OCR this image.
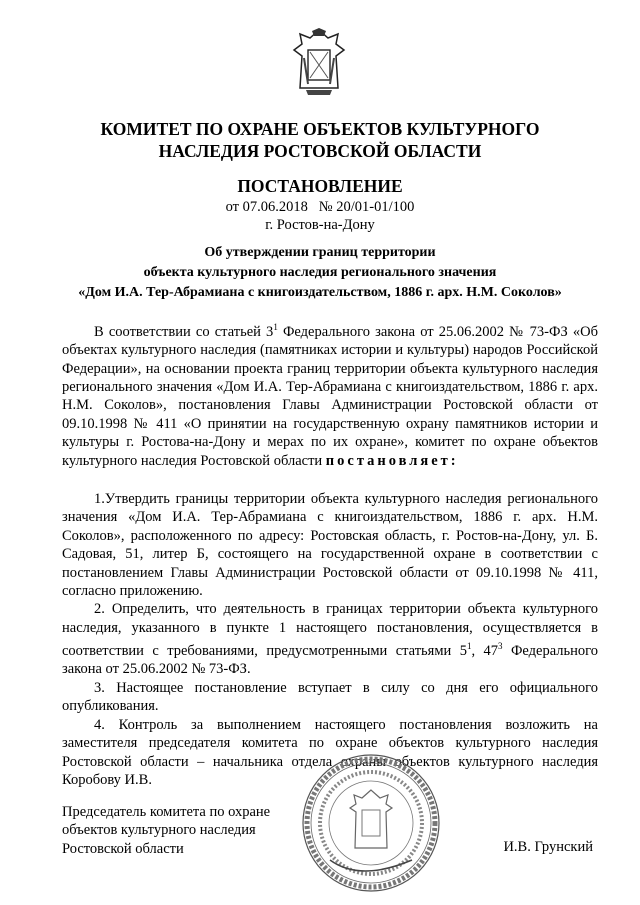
КОМИТЕТ ПО ОХРАНЕ ОБЪЕКТОВ КУЛЬТУРНОГО
НАСЛЕДИЯ РОСТОВСКОЙ ОБЛАСТИ
ПОСТАНОВЛЕНИЕ
от 07.06.2018   № 20/01-01/100
г. Ростов-на-Дону
Об утверждении границ территории
объекта культурного наследия регионального значения
«Дом И.А. Тер-Абрамиана с книгоиздательством, 1886 г. арх. Н.М. Соколов»

В соответствии со статьей $3^1$ Федерального закона от 25.06.2002 № 73-ФЗ «Об объектах культурного наследия (памятниках истории и культуры) народов Российской Федерации», на основании проекта границ территории объекта культурного наследия регионального значения «Дом И.А. Тер-Абрамиана с книгоиздательством, 1886 г. арх. Н.М. Соколов», постановления Главы Администрации Ростовской области от 09.10.1998 № 411 «О принятии на государственную охрану памятников истории и культуры г. Ростова-на-Дону и мерах по их охране», комитет по охране объектов культурного наследия Ростовской области постановляет:

1.Утвердить границы территории объекта культурного наследия регионального значения «Дом И.А. Тер-Абрамиана с книгоиздательством, 1886 г. арх. Н.М. Соколов», расположенного по адресу: Ростовская область, г. Ростов-на-Дону, ул. Б. Садовая, 51, литер Б, состоящего на государственной охране в соответствии с постановлением Главы Администрации Ростовской области от 09.10.1998 № 411, согласно приложению.

2. Определить, что деятельность в границах территории объекта культурного наследия, указанного в пункте 1 настоящего постановления, осуществляется в соответствии с требованиями, предусмотренными статьями $5^1$, $47^3$ Федерального закона от 25.06.2002 № 73-ФЗ.

3. Настоящее постановление вступает в силу со дня его официального опубликования.

4. Контроль за выполнением настоящего постановления возложить на заместителя председателя комитета по охране объектов культурного наследия Ростовской области – начальника отдела охраны объектов культурного наследия Коробову И.В.

Председатель комитета по охране
объектов культурного наследия
Ростовской области	И.В. Грунский
